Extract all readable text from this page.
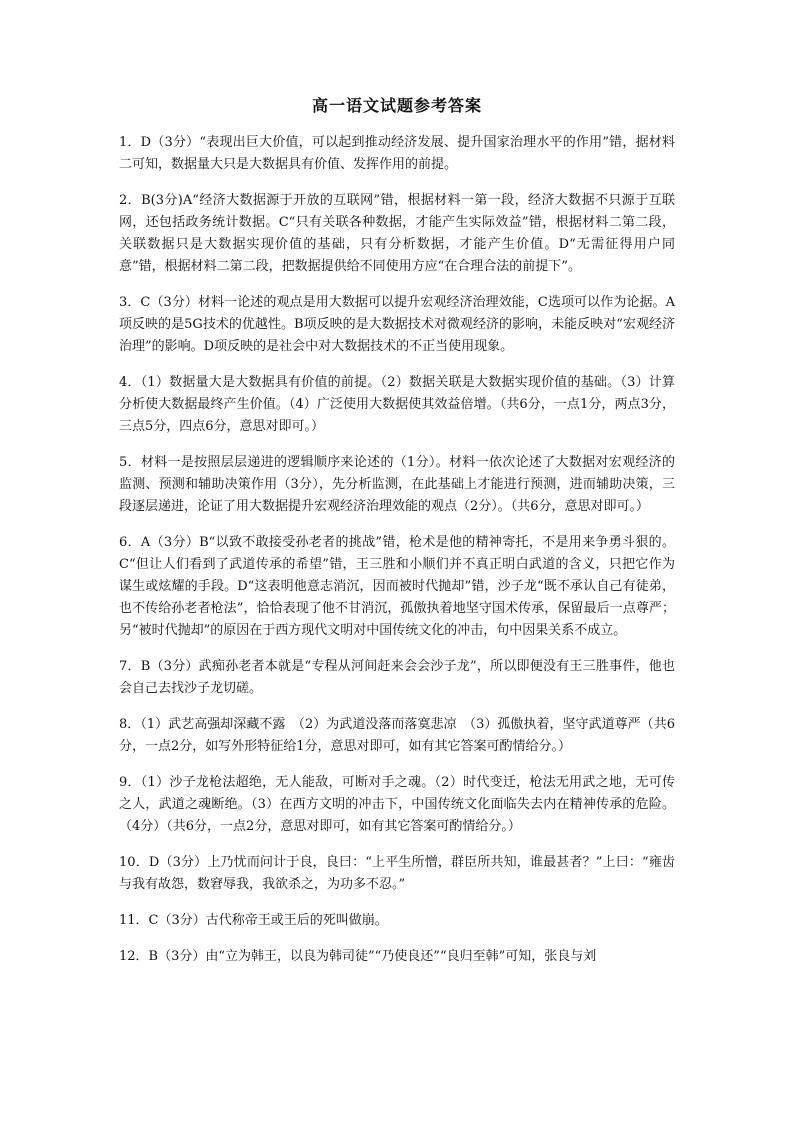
高一语文试题参考答案

1．D（3分）“表现出巨大价值，可以起到推动经济发展、提升国家治理水平的作用”错，据材料二可知，数据量大只是大数据具有价值、发挥作用的前提。

2．B(3分)A“经济大数据源于开放的互联网”错，根据材料一第一段，经济大数据不只源于互联网，还包括政务统计数据。C“只有关联各种数据，才能产生实际效益”错，根据材料二第二段，关联数据只是大数据实现价值的基础，只有分析数据，才能产生价值。D“无需征得用户同意”错，根据材料二第二段，把数据提供给不同使用方应“在合理合法的前提下”。

3．C（3分）材料一论述的观点是用大数据可以提升宏观经济治理效能，C选项可以作为论据。A项反映的是5G技术的优越性。B项反映的是大数据技术对微观经济的影响，未能反映对“宏观经济治理”的影响。D项反映的是社会中对大数据技术的不正当使用现象。

4．（1）数据量大是大数据具有价值的前提。（2）数据关联是大数据实现价值的基础。（3）计算分析使大数据最终产生价值。（4）广泛使用大数据使其效益倍增。（共6分，一点1分，两点3分，三点5分，四点6分，意思对即可。）

5．材料一是按照层层递进的逻辑顺序来论述的（1分）。材料一依次论述了大数据对宏观经济的监测、预测和辅助决策作用（3分），先分析监测，在此基础上才能进行预测，进而辅助决策，三段逐层递进，论证了用大数据提升宏观经济治理效能的观点（2分）。（共6分，意思对即可。）

6．A（3分）B“以致不敢接受孙老者的挑战”错，枪术是他的精神寄托，不是用来争勇斗狠的。C“但让人们看到了武道传承的希望”错，王三胜和小顺们并不真正明白武道的含义，只把它作为谋生或炫耀的手段。D“这表明他意志消沉，因而被时代抛却”错，沙子龙“既不承认自己有徒弟，也不传给孙老者枪法”，恰恰表现了他不甘消沉，孤傲执着地坚守国术传承，保留最后一点尊严；另“被时代抛却”的原因在于西方现代文明对中国传统文化的冲击，句中因果关系不成立。

7．B（3分）武痴孙老者本就是“专程从河间赶来会会沙子龙”，所以即便没有王三胜事件，他也会自己去找沙子龙切磋。

8．（1）武艺高强却深藏不露　（2）为武道没落而落寞悲凉　（3）孤傲执着，坚守武道尊严（共6分，一点2分，如写外形特征给1分，意思对即可，如有其它答案可酌情给分。）

9．（1）沙子龙枪法超绝，无人能敌，可断对手之魂。（2）时代变迁，枪法无用武之地，无可传之人，武道之魂断绝。（3）在西方文明的冲击下，中国传统文化面临失去内在精神传承的危险。（4分）（共6分，一点2分，意思对即可，如有其它答案可酌情给分。）

10．D（3分）上乃忧而问计于良，良曰：“上平生所憎，群臣所共知，谁最甚者？”上曰：“雍齿与我有故怨，数窘辱我，我欲杀之，为功多不忍。”

11．C（3分）古代称帝王或王后的死叫做崩。

12．B（3分）由“立为韩王，以良为韩司徒”“乃使良还”“良归至韩”可知，张良与刘
